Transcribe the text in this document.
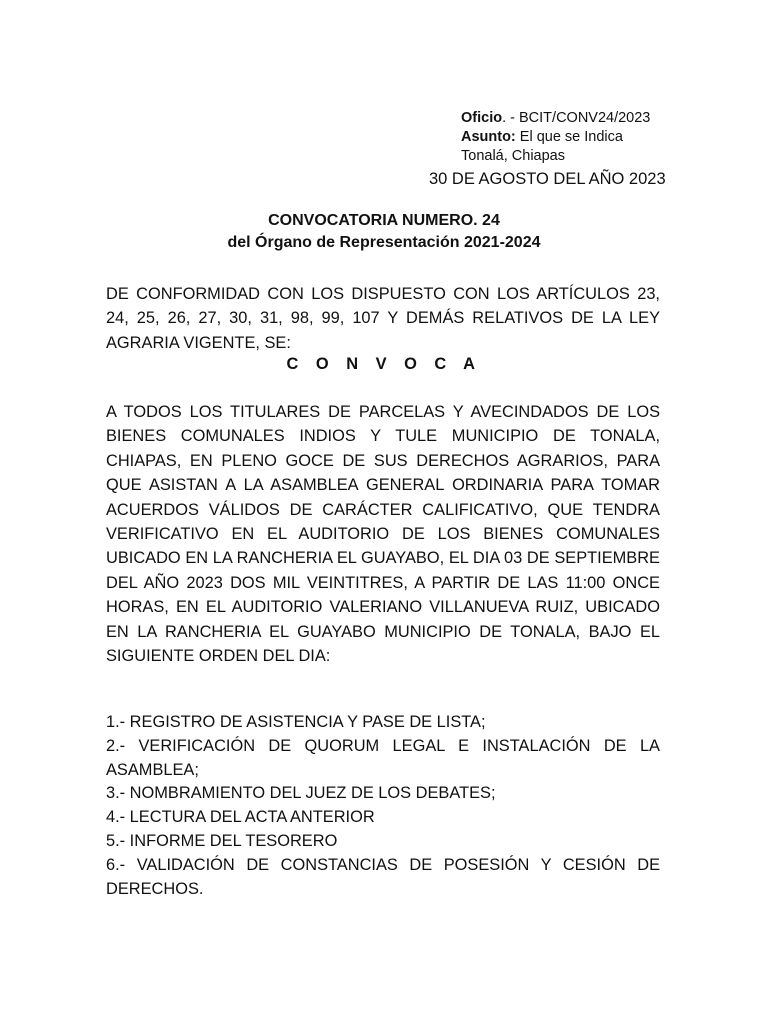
Oficio. - BCIT/CONV24/2023
Asunto: El que se Indica
Tonalá, Chiapas
30 DE AGOSTO DEL AÑO 2023
CONVOCATORIA NUMERO. 24
del Órgano de Representación 2021-2024
DE CONFORMIDAD CON LOS DISPUESTO CON LOS ARTÍCULOS 23, 24, 25, 26, 27, 30, 31, 98, 99, 107 Y DEMÁS RELATIVOS DE LA LEY AGRARIA VIGENTE, SE:
C O N V O C A
A TODOS LOS TITULARES DE PARCELAS Y AVECINDADOS DE LOS BIENES COMUNALES INDIOS Y TULE MUNICIPIO DE TONALA, CHIAPAS, EN PLENO GOCE DE SUS DERECHOS AGRARIOS, PARA QUE ASISTAN A LA ASAMBLEA GENERAL ORDINARIA PARA TOMAR ACUERDOS VÁLIDOS DE CARÁCTER CALIFICATIVO, QUE TENDRA VERIFICATIVO EN EL AUDITORIO DE LOS BIENES COMUNALES UBICADO EN LA RANCHERIA EL GUAYABO, EL DIA 03 DE SEPTIEMBRE DEL AÑO 2023 DOS MIL VEINTITRES, A PARTIR DE LAS 11:00 ONCE HORAS, EN EL AUDITORIO VALERIANO VILLANUEVA RUIZ, UBICADO EN LA RANCHERIA EL GUAYABO MUNICIPIO DE TONALA, BAJO EL SIGUIENTE ORDEN DEL DIA:
1.- REGISTRO DE ASISTENCIA Y PASE DE LISTA;
2.- VERIFICACIÓN DE QUORUM LEGAL E INSTALACIÓN DE LA ASAMBLEA;
3.- NOMBRAMIENTO DEL JUEZ DE LOS DEBATES;
4.- LECTURA DEL ACTA ANTERIOR
5.- INFORME DEL TESORERO
6.- VALIDACIÓN DE CONSTANCIAS DE POSESIÓN Y CESIÓN DE DERECHOS.
